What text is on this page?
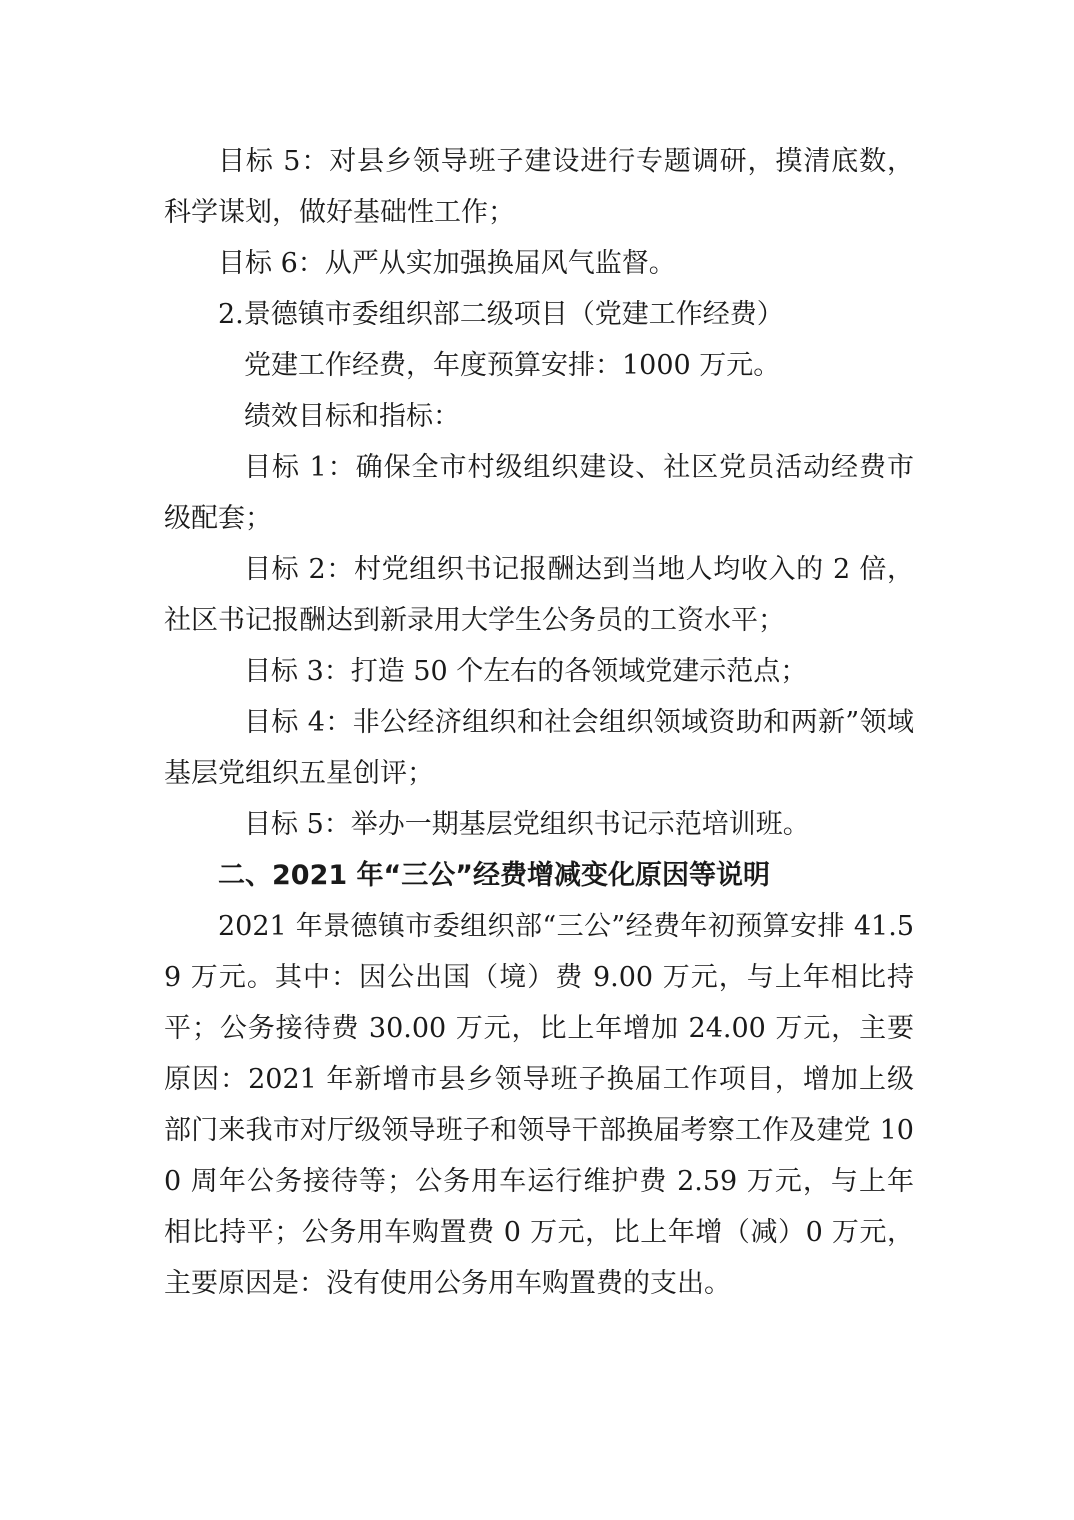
目标 5：对县乡领导班子建设进行专题调研，摸清底数，科学谋划，做好基础性工作；

目标 6：从严从实加强换届风气监督。

2.景德镇市委组织部二级项目（党建工作经费）

党建工作经费，年度预算安排：1000 万元。

绩效目标和指标：

目标 1：确保全市村级组织建设、社区党员活动经费市级配套；

目标 2：村党组织书记报酬达到当地人均收入的 2 倍，社区书记报酬达到新录用大学生公务员的工资水平；

目标 3：打造 50 个左右的各领域党建示范点；

目标 4：非公经济组织和社会组织领域资助和两新”领域基层党组织五星创评；

目标 5：举办一期基层党组织书记示范培训班。

二、2021 年“三公”经费增减变化原因等说明

2021 年景德镇市委组织部“三公”经费年初预算安排 41.59 万元。其中：因公出国（境）费 9.00 万元，与上年相比持平；公务接待费 30.00 万元，比上年增加 24.00 万元，主要原因：2021 年新增市县乡领导班子换届工作项目，增加上级部门来我市对厅级领导班子和领导干部换届考察工作及建党 100 周年公务接待等；公务用车运行维护费 2.59 万元，与上年相比持平；公务用车购置费 0 万元，比上年增（减）0 万元，主要原因是：没有使用公务用车购置费的支出。
